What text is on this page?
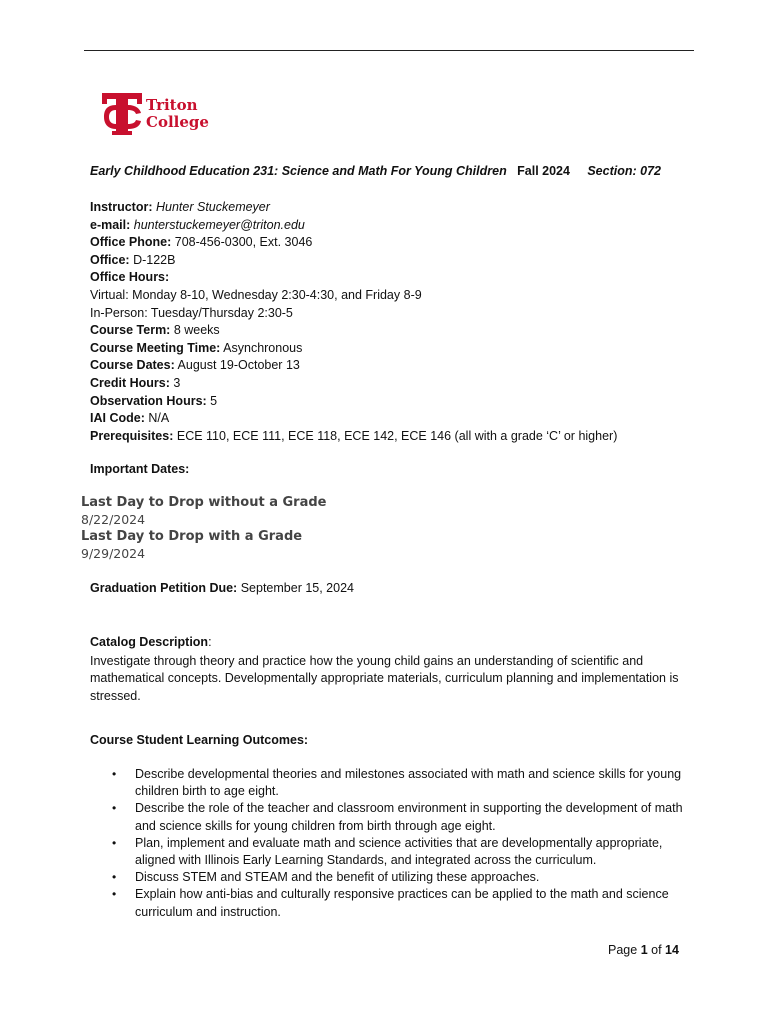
Triton
College
Early Childhood Education 231: Science and Math For Young Children Fall 2024 Section: 072
Instructor: Hunter Stuckemeyer
e-mail: hunterstuckemeyer@triton.edu
Office Phone: 708-456-0300, Ext. 3046
Office: D-122B
Office Hours:
Virtual: Monday 8-10, Wednesday 2:30-4:30, and Friday 8-9
In-Person: Tuesday/Thursday 2:30-5
Course Term: 8 weeks
Course Meeting Time: Asynchronous
Course Dates: August 19-October 13
Credit Hours: 3
Observation Hours: 5
IAI Code: N/A
Prerequisites: ECE 110, ECE 111, ECE 118, ECE 142, ECE 146 (all with a grade ‘C’ or higher)
Important Dates:
Last Day to Drop without a Grade
8/22/2024
Last Day to Drop with a Grade
9/29/2024
Graduation Petition Due: September 15, 2024
Catalog Description:
Investigate through theory and practice how the young child gains an understanding of scientific and mathematical concepts. Developmentally appropriate materials, curriculum planning and implementation is stressed.
Course Student Learning Outcomes:
• Describe developmental theories and milestones associated with math and science skills for young children birth to age eight.
• Describe the role of the teacher and classroom environment in supporting the development of math and science skills for young children from birth through age eight.
• Plan, implement and evaluate math and science activities that are developmentally appropriate, aligned with Illinois Early Learning Standards, and integrated across the curriculum.
• Discuss STEM and STEAM and the benefit of utilizing these approaches.
• Explain how anti-bias and culturally responsive practices can be applied to the math and science curriculum and instruction.
Page 1 of 14
